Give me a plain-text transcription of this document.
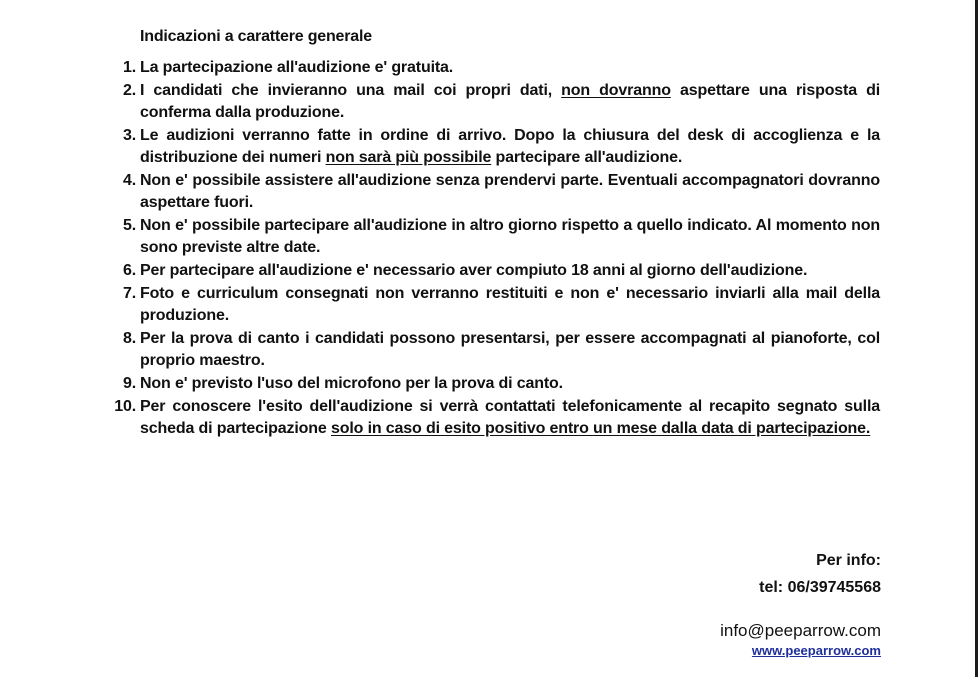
Indicazioni a carattere generale
1. La partecipazione all'audizione e' gratuita.
2. I candidati che invieranno una mail coi propri dati, non dovranno aspettare una risposta di conferma dalla produzione.
3. Le audizioni verranno fatte in ordine di arrivo. Dopo la chiusura del desk di accoglienza e la distribuzione dei numeri non sarà più possibile partecipare all'audizione.
4. Non e' possibile assistere all'audizione senza prendervi parte. Eventuali accompagnatori dovranno aspettare fuori.
5. Non e' possibile partecipare all'audizione in altro giorno rispetto a quello indicato. Al momento non sono previste altre date.
6. Per partecipare all'audizione e' necessario aver compiuto 18 anni al giorno dell'audizione.
7. Foto e curriculum consegnati non verranno restituiti e non e' necessario inviarli alla mail della produzione.
8. Per la prova di canto i candidati possono presentarsi, per essere accompagnati al pianoforte, col proprio maestro.
9. Non e' previsto l'uso del microfono per la prova di canto.
10. Per conoscere l'esito dell'audizione si verrà contattati telefonicamente al recapito segnato sulla scheda di partecipazione solo in caso di esito positivo entro un mese dalla data di partecipazione.
Per info:
tel: 06/39745568
info@peeparrow.com
www.peeparrow.com
